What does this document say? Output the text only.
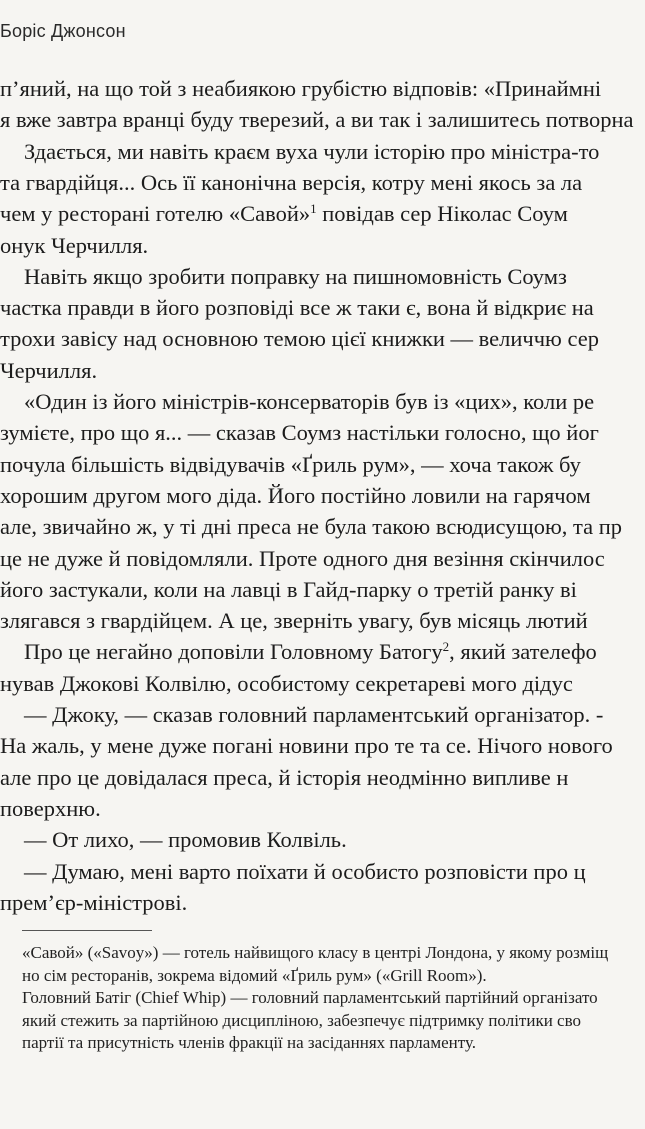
Боріс Джонсон
п’яний, на що той з неабиякою грубістю відповів: «Принаймні
я вже завтра вранці буду тверезий, а ви так і залишитесь потворна
Здається, ми навіть краєм вуха чули історію про міністра-то
та гвардійця... Ось її канонічна версія, котру мені якось за ла
чем у ресторані готелю «Савой»$^1$ повідав сер Ніколас Соум
онук Черчилля.
Навіть якщо зробити поправку на пишномовність Соумз
частка правди в його розповіді все ж таки є, вона й відкриє на
трохи завісу над основною темою цієї книжки — величчю сер
Черчилля.
«Один із його міністрів-консерваторів був із «цих», коли ре
зумієте, про що я... — сказав Соумз настільки голосно, що йог
почула більшість відвідувачів «Ґриль рум», — хоча також бу
хорошим другом мого діда. Його постійно ловили на гарячом
але, звичайно ж, у ті дні преса не була такою всюдисущою, та пр
це не дуже й повідомляли. Проте одного дня везіння скінчилос
його застукали, коли на лавці в Гайд-парку о третій ранку ві
злягався з гвардійцем. А це, зверніть увагу, був місяць лютий
Про це негайно доповіли Головному Батогу$^2$, який зателефо
нував Джокові Колвілю, особистому секретареві мого дідус
— Джоку, — сказав головний парламентський організатор. -
На жаль, у мене дуже погані новини про те та се. Нічого нового
але про це довідалася преса, й історія неодмінно випливе н
поверхню.
— От лихо, — промовив Колвіль.
— Думаю, мені варто поїхати й особисто розповісти про ц
прем’єр-міністрові.
«Савой» («Savoy») — готель найвищого класу в центрі Лондона, у якому розміщ
но сім ресторанів, зокрема відомий «Ґриль рум» («Grill Room»).
Головний Батіг (Chief Whip) — головний парламентський партійний організато
який стежить за партійною дисципліною, забезпечує підтримку політики сво
партії та присутність членів фракції на засіданнях парламенту.
